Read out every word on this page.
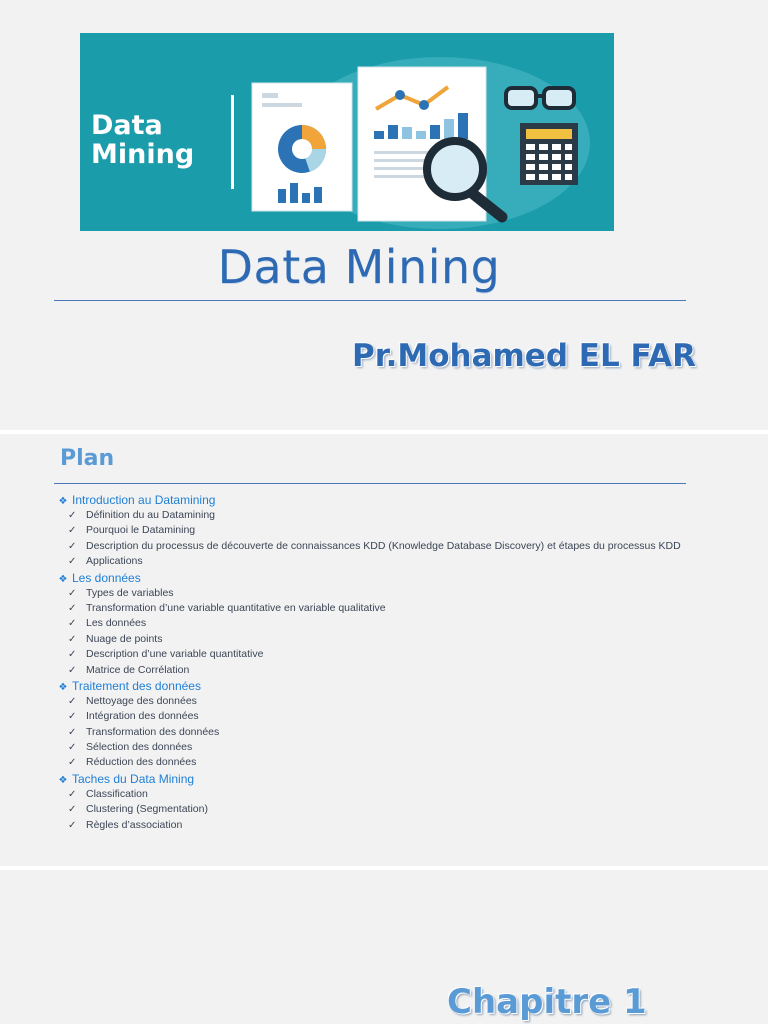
Data
Mining
Data Mining
Pr.Mohamed EL FAR
Plan
❖ Introduction au Datamining
✓ Définition du au Datamining
✓ Pourquoi le Datamining
✓ Description du processus de découverte de connaissances KDD (Knowledge Database Discovery) et étapes du processus KDD
✓ Applications
❖ Les données
✓ Types de variables
✓ Transformation d’une variable quantitative en variable qualitative
✓ Les données
✓ Nuage de points
✓ Description d’une variable quantitative
✓ Matrice de Corrélation
❖ Traitement des données
✓ Nettoyage des données
✓ Intégration des données
✓ Transformation des données
✓ Sélection des données
✓ Réduction des données
❖ Taches du Data Mining
✓ Classification
✓ Clustering (Segmentation)
✓ Règles d’association
Chapitre 1
